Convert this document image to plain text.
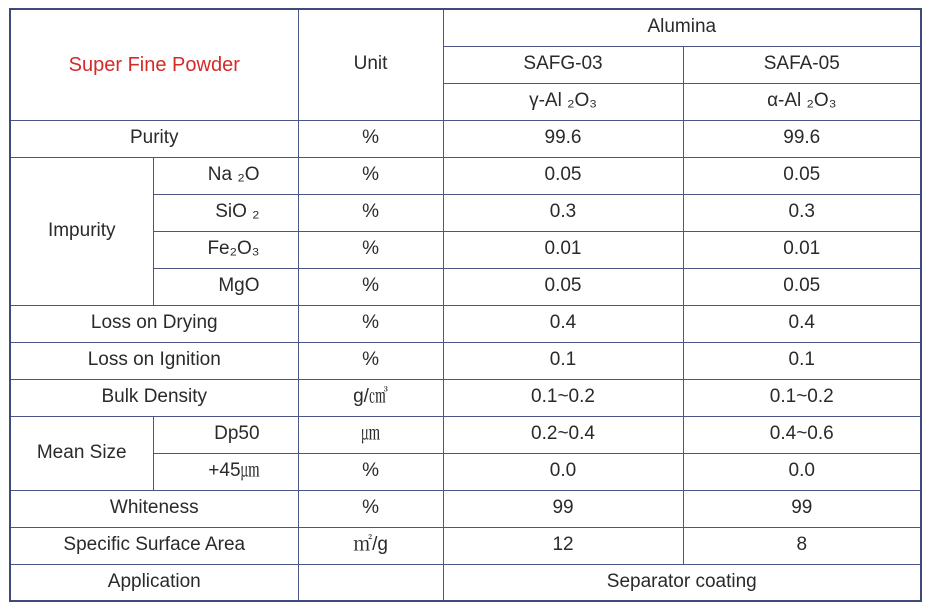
Super Fine Powder		Unit	Alumina	
			SAFG-03	SAFA-05
			γ-Al ₂O₃	α-Al ₂O₃
Purity		%	99.6	99.6
Impurity	Na ₂O	%	0.05	0.05
	SiO ₂	%	0.3	0.3
	Fe₂O₃	%	0.01	0.01
	MgO	%	0.05	0.05
Loss on Drying		%	0.4	0.4
Loss on Ignition		%	0.1	0.1
Bulk Density		g/㎤	0.1~0.2	0.1~0.2
Mean Size	Dp50	㎛	0.2~0.4	0.4~0.6
	+45㎛	%	0.0	0.0
Whiteness		%	99	99
Specific Surface Area		㎡/g	12	8
Application			Separator coating	
